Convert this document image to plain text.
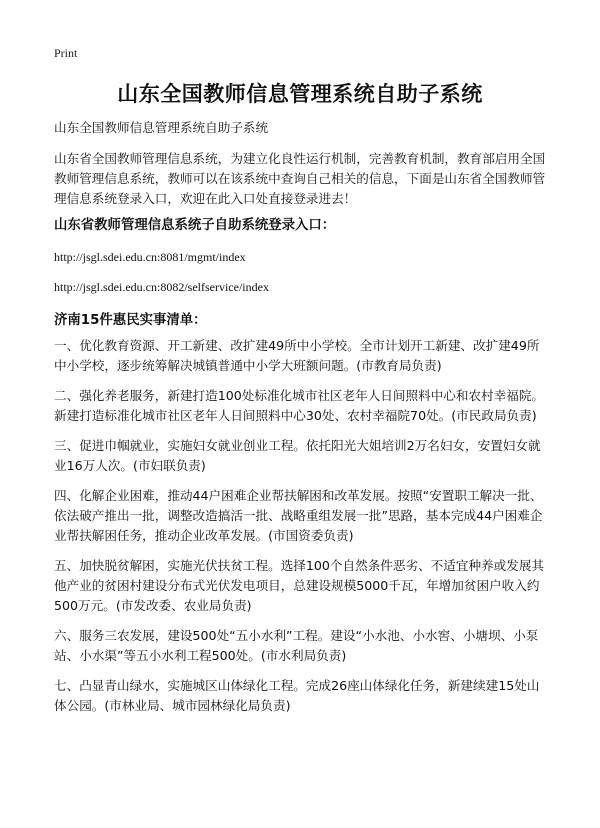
Print
山东全国教师信息管理系统自助子系统
山东全国教师信息管理系统自助子系统
山东省全国教师管理信息系统，为建立化良性运行机制，完善教育机制，教育部启用全国教师管理信息系统，教师可以在该系统中查询自己相关的信息，下面是山东省全国教师管理信息系统登录入口，欢迎在此入口处直接登录进去！
山东省教师管理信息系统子自助系统登录入口：
http://jsgl.sdei.edu.cn:8081/mgmt/index
http://jsgl.sdei.edu.cn:8082/selfservice/index
济南15件惠民实事清单：

一、优化教育资源、开工新建、改扩建49所中小学校。全市计划开工新建、改扩建49所中小学校，逐步统筹解决城镇普通中小学大班额问题。(市教育局负责)

二、强化养老服务，新建打造100处标准化城市社区老年人日间照料中心和农村幸福院。新建打造标准化城市社区老年人日间照料中心30处、农村幸福院70处。(市民政局负责)

三、促进巾帼就业，实施妇女就业创业工程。依托阳光大姐培训2万名妇女，安置妇女就业16万人次。(市妇联负责)

四、化解企业困难，推动44户困难企业帮扶解困和改革发展。按照“安置职工解决一批、依法破产推出一批，调整改造搞活一批、战略重组发展一批”思路，基本完成44户困难企业帮扶解困任务，推动企业改革发展。(市国资委负责)

五、加快脱贫解困，实施光伏扶贫工程。选择100个自然条件恶劣、不适宜种养或发展其他产业的贫困村建设分布式光伏发电项目，总建设规模5000千瓦，年增加贫困户收入约500万元。(市发改委、农业局负责)

六、服务三农发展，建设500处“五小水利”工程。建设“小水池、小水窖、小塘坝、小泵站、小水渠”等五小水利工程500处。(市水利局负责)

七、凸显青山绿水，实施城区山体绿化工程。完成26座山体绿化任务，新建续建15处山体公园。(市林业局、城市园林绿化局负责)
